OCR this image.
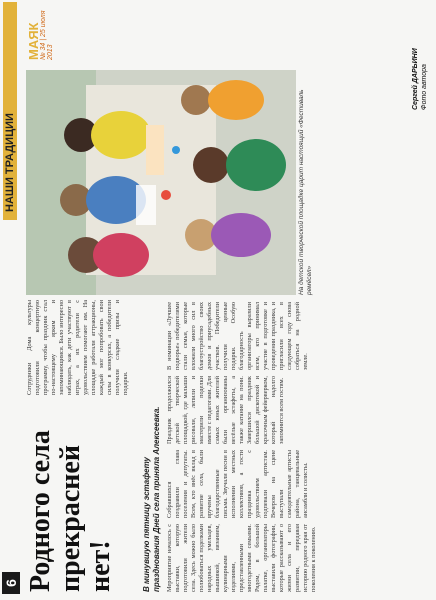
6
НАШИ ТРАДИЦИИ
Родного села прекрасней нет!	В минувшую пятницу эстафету празднования Дней села приняла Алексеевка.
Сотрудники Дома культуры подготовили концертную программу, чтобы праздник стал по-настоящему ярким и запоминающимся. Было интересно наблюдать, как дети участвуют в играх, а их родители с удовольствием помогают им. На площадке работали аттракционы, каждый мог попробовать свои силы в конкурсах, а победители получили сладкие призы и подарки.
Мероприятие началось с выставки, которую подготовили жители села. Здесь можно было полюбоваться поделками народных умельцев, вышивкой, вязанием, кулинарными изделиями, представленными многодетными семьями. Рядом, в большой палатке, организаторы выставили фотографии, которые рассказывают о жизни села и его развитии, передавая историю родного края от поколения к поколению.
Собравшихся поздравили глава поселения и депутаты. Всем, кто внёс вклад в развитие села, были вручены благодарственные письма. Звучали песни в исполнении местных коллективов, а гости праздника с удовольствием подпевали артистам. Вечером на сцене выступали самодеятельные артисты района, танцевальные ансамбли и солисты.
Праздник продолжился детской творческой площадкой, где малыши рисовали, лепили и мастерили поделки вместе с педагогами. Для самых юных жителей были организованы весёлые эстафеты, а также катание на пони. Завершился праздник большой дискотекой и красочным фейерверком, который надолго запомнится всем гостям.
В номинации «Лучшее подворье» победителями стали семьи, которые вложили много сил в благоустройство своих домов и приусадебных участков. Победители получили ценные подарки. Особую благодарность организаторы выразили всем, кто принимал участие в подготовке и проведении праздника, и пригласили всех в следующем году снова собраться на родной земле.
На детской творческой площадке царит настоящий «Фестиваль ремёсел»
МАЯК № 34 | 25 июля 2013	Сергей ДАРЬИНИ Фото автора
